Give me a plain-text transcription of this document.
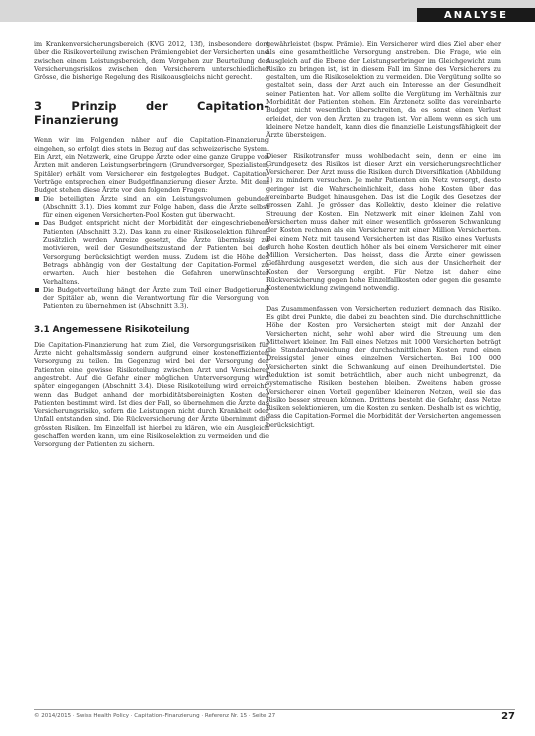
ANALYSE

im Krankenversicherungsbereich (KVG 2012, 13f), insbesondere dort über die Risikoverteilung zwischen Prämiengebiet der Versicherten und zwischen einem Leistungsbereich, dem Vorgehen zur Beurteilung des Versicherungsrisikos zwischen den Versicherern unterschiedlicher Grösse, die bisherige Regelung des Risikoausgleichs nicht gerecht.

3 Prinzip der Capitation-Finanzierung

Wenn wir im Folgenden näher auf die Capitation-Finanzierung eingehen, so erfolgt dies stets in Bezug auf das schweizerische System. Ein Arzt, ein Netzwerk, eine Gruppe Ärzte oder eine ganze Gruppe von Ärzten mit anderen Leistungserbringern (Grundversorger, Spezialisten, Spitäler) erhält vom Versicherer ein festgelegtes Budget. Capitation-Verträge entsprechen einer Budgetfinanzierung dieser Ärzte. Mit dem Budget stehen diese Ärzte vor den folgenden Fragen:

Die beteiligten Ärzte sind an ein Leistungsvolumen gebunden (Abschnitt 3.1). Dies kommt zur Folge haben, dass die Ärzte selbst für einen eigenen Versicherten-Pool Kosten gut überwacht.
Das Budget entspricht nicht der Morbidität der eingeschriebenen Patienten (Abschnitt 3.2). Das kann zu einer Risikoselektion führen. Zusätzlich werden Anreize gesetzt, die Ärzte übermässig zu motivieren, weil der Gesundheitszustand der Patienten bei der Versorgung berücksichtigt werden muss. Zudem ist die Höhe des Betrags abhängig von der Gestaltung der Capitation-Formel zu erwarten. Auch hier bestehen die Gefahren unerwünschter Verhaltens.
Die Budgetverteilung hängt der Ärzte zum Teil einer Budgetierung der Spitäler ab, wenn die Verantwortung für die Versorgung von Patienten zu übernehmen ist (Abschnitt 3.3).
3.1 Angemessene Risikoteilung

Die Capitation-Finanzierung hat zum Ziel, die Versorgungsrisiken für Ärzte nicht gehaltsmässig sondern aufgrund einer kosteneffizienten Versorgung zu teilen. Im Gegenzug wird bei der Versorgung der Patienten eine gewisse Risikoteilung zwischen Arzt und Versicherer angestrebt. Auf die Gefahr einer möglichen Unterversorgung wird später eingegangen (Abschnitt 3.4). Diese Risikoteilung wird erreicht, wenn das Budget anhand der morbiditätsbereinigten Kosten der Patienten bestimmt wird. Ist dies der Fall, so übernehmen die Ärzte das Versicherungsrisiko, sofern die Leistungen nicht durch Krankheit oder Unfall entstanden sind. Die Rückversicherung der Ärzte übernimmt die grössten Risiken. Im Einzelfall ist hierbei zu klären, wie ein Ausgleich geschaffen werden kann, um eine Risikoselektion zu vermeiden und die Versorgung der Patienten zu sichern.

gewährleistet (bspw. Prämie). Ein Versicherer wird dies Ziel aber eher als eine gesamtheitliche Versorgung anstreben. Die Frage, wie ein Ausgleich auf die Ebene der Leistungserbringer im Gleichgewicht zum Risiko zu bringen ist, ist in diesem Fall im Sinne des Versicherers zu gestalten, um die Risikoselektion zu vermeiden. Die Vergütung sollte so gestaltet sein, dass der Arzt auch ein Interesse an der Gesundheit seiner Patienten hat. Vor allem sollte die Vergütung im Verhältnis zur Morbidität der Patienten stehen. Ein Ärztenetz sollte das vereinbarte Budget nicht wesentlich überschreiten, da es sonst einen Verlust erleidet, der von den Ärzten zu tragen ist. Vor allem wenn es sich um kleinere Netze handelt, kann dies die finanzielle Leistungsfähigkeit der Ärzte übersteigen.

Dieser Risikotransfer muss wohlbedacht sein, denn er eine im Grundgesetz des Risikos ist dieser Arzt ein versicherungsrechtlicher Versicherer. Der Arzt muss die Risiken durch Diversifikation (Abbildung 1) zu mindern versuchen. Je mehr Patienten ein Netz versorgt, desto geringer ist die Wahrscheinlichkeit, dass hohe Kosten über das vereinbarte Budget hinausgehen. Das ist die Logik des Gesetzes der grossen Zahl. Je grösser das Kollektiv, desto kleiner die relative Streuung der Kosten. Ein Netzwerk mit einer kleinen Zahl von Versicherten muss daher mit einer wesentlich grösseren Schwankung der Kosten rechnen als ein Versicherer mit einer Million Versicherten. Bei einem Netz mit tausend Versicherten ist das Risiko eines Verlusts durch hohe Kosten deutlich höher als bei einem Versicherer mit einer Million Versicherten. Das heisst, dass die Ärzte einer gewissen Gefährdung ausgesetzt werden, die sich aus der Unsicherheit der Kosten der Versorgung ergibt. Für Netze ist daher eine Rückversicherung gegen hohe Einzelfallkosten oder gegen die gesamte Kostenentwicklung zwingend notwendig.

Das Zusammenfassen von Versicherten reduziert demnach das Risiko. Es gibt drei Punkte, die dabei zu beachten sind. Die durchschnittliche Höhe der Kosten pro Versicherten steigt mit der Anzahl der Versicherten nicht, sehr wohl aber wird die Streuung um den Mittelwert kleiner. Im Fall eines Netzes mit 1000 Versicherten beträgt die Standardabweichung der durchschnittlichen Kosten rund einen Dreissigstel jener eines einzelnen Versicherten. Bei 100 000 Versicherten sinkt die Schwankung auf einen Dreihundertstel. Die Reduktion ist somit beträchtlich, aber auch nicht unbegrenzt, da systematische Risiken bestehen bleiben. Zweitens haben grosse Versicherer einen Vorteil gegenüber kleineren Netzen, weil sie das Risiko besser streuen können. Drittens besteht die Gefahr, dass Netze Risiken selektionieren, um die Kosten zu senken. Deshalb ist es wichtig, dass die Capitation-Formel die Morbidität der Versicherten angemessen berücksichtigt.

© 2014/2015 · Swiss Health Policy · Capitation-Finanzierung · Referenz Nr. 15 · Seite 27	27
